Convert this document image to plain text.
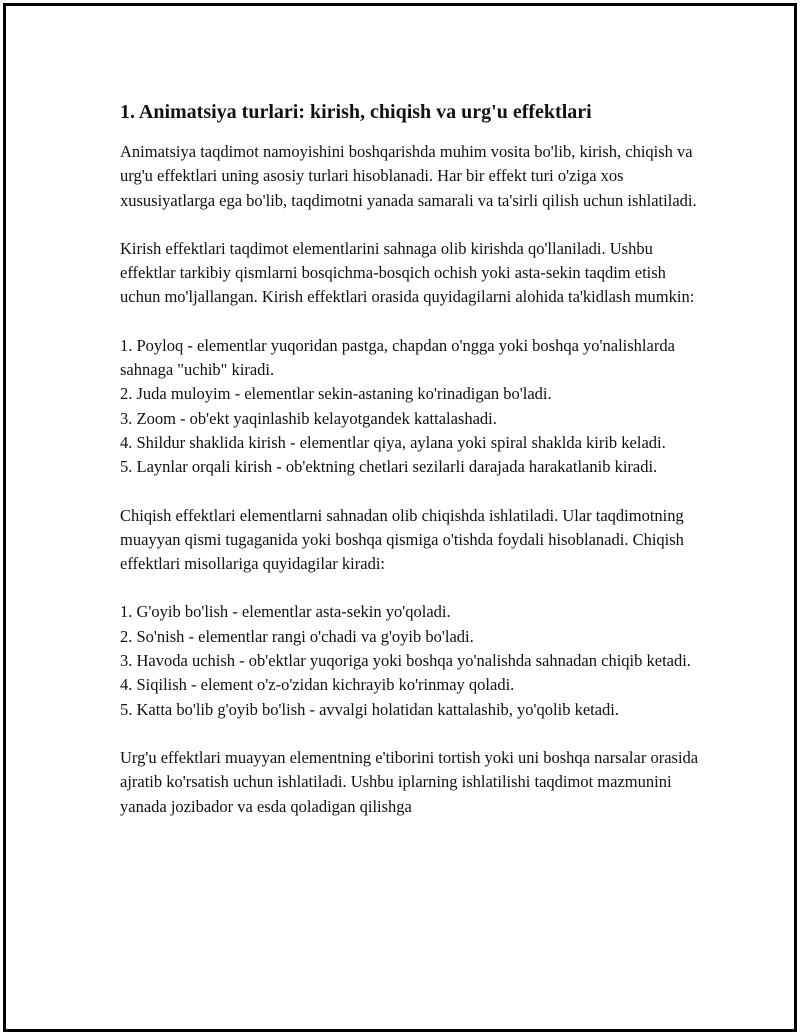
1. Animatsiya turlari: kirish, chiqish va urg'u effektlari

Animatsiya taqdimot namoyishini boshqarishda muhim vosita bo'lib, kirish, chiqish va urg'u effektlari uning asosiy turlari hisoblanadi. Har bir effekt turi o'ziga xos xususiyatlarga ega bo'lib, taqdimotni yanada samarali va ta'sirli qilish uchun ishlatiladi.

Kirish effektlari taqdimot elementlarini sahnaga olib kirishda qo'llaniladi. Ushbu effektlar tarkibiy qismlarni bosqichma-bosqich ochish yoki asta-sekin taqdim etish uchun mo'ljallangan. Kirish effektlari orasida quyidagilarni alohida ta'kidlash mumkin:

1. Poyloq - elementlar yuqoridan pastga, chapdan o'ngga yoki boshqa yo'nalishlarda sahnaga "uchib" kiradi.
2. Juda muloyim - elementlar sekin-astaning ko'rinadigan bo'ladi.
3. Zoom - ob'ekt yaqinlashib kelayotgandek kattalashadi.
4. Shildur shaklida kirish - elementlar qiya, aylana yoki spiral shaklda kirib keladi.
5. Laynlar orqali kirish - ob'ektning chetlari sezilarli darajada harakatlanib kiradi.

Chiqish effektlari elementlarni sahnadan olib chiqishda ishlatiladi. Ular taqdimotning muayyan qismi tugaganida yoki boshqa qismiga o'tishda foydali hisoblanadi. Chiqish effektlari misollariga quyidagilar kiradi:

1. G'oyib bo'lish - elementlar asta-sekin yo'qoladi.
2. So'nish - elementlar rangi o'chadi va g'oyib bo'ladi.
3. Havoda uchish - ob'ektlar yuqoriga yoki boshqa yo'nalishda sahnadan chiqib ketadi.
4. Siqilish - element o'z-o'zidan kichrayib ko'rinmay qoladi.
5. Katta bo'lib g'oyib bo'lish - avvalgi holatidan kattalashib, yo'qolib ketadi.

Urg'u effektlari muayyan elementning e'tiborini tortish yoki uni boshqa narsalar orasida ajratib ko'rsatish uchun ishlatiladi. Ushbu iplarning ishlatilishi taqdimot mazmunini yanada jozibador va esda qoladigan qilishga
